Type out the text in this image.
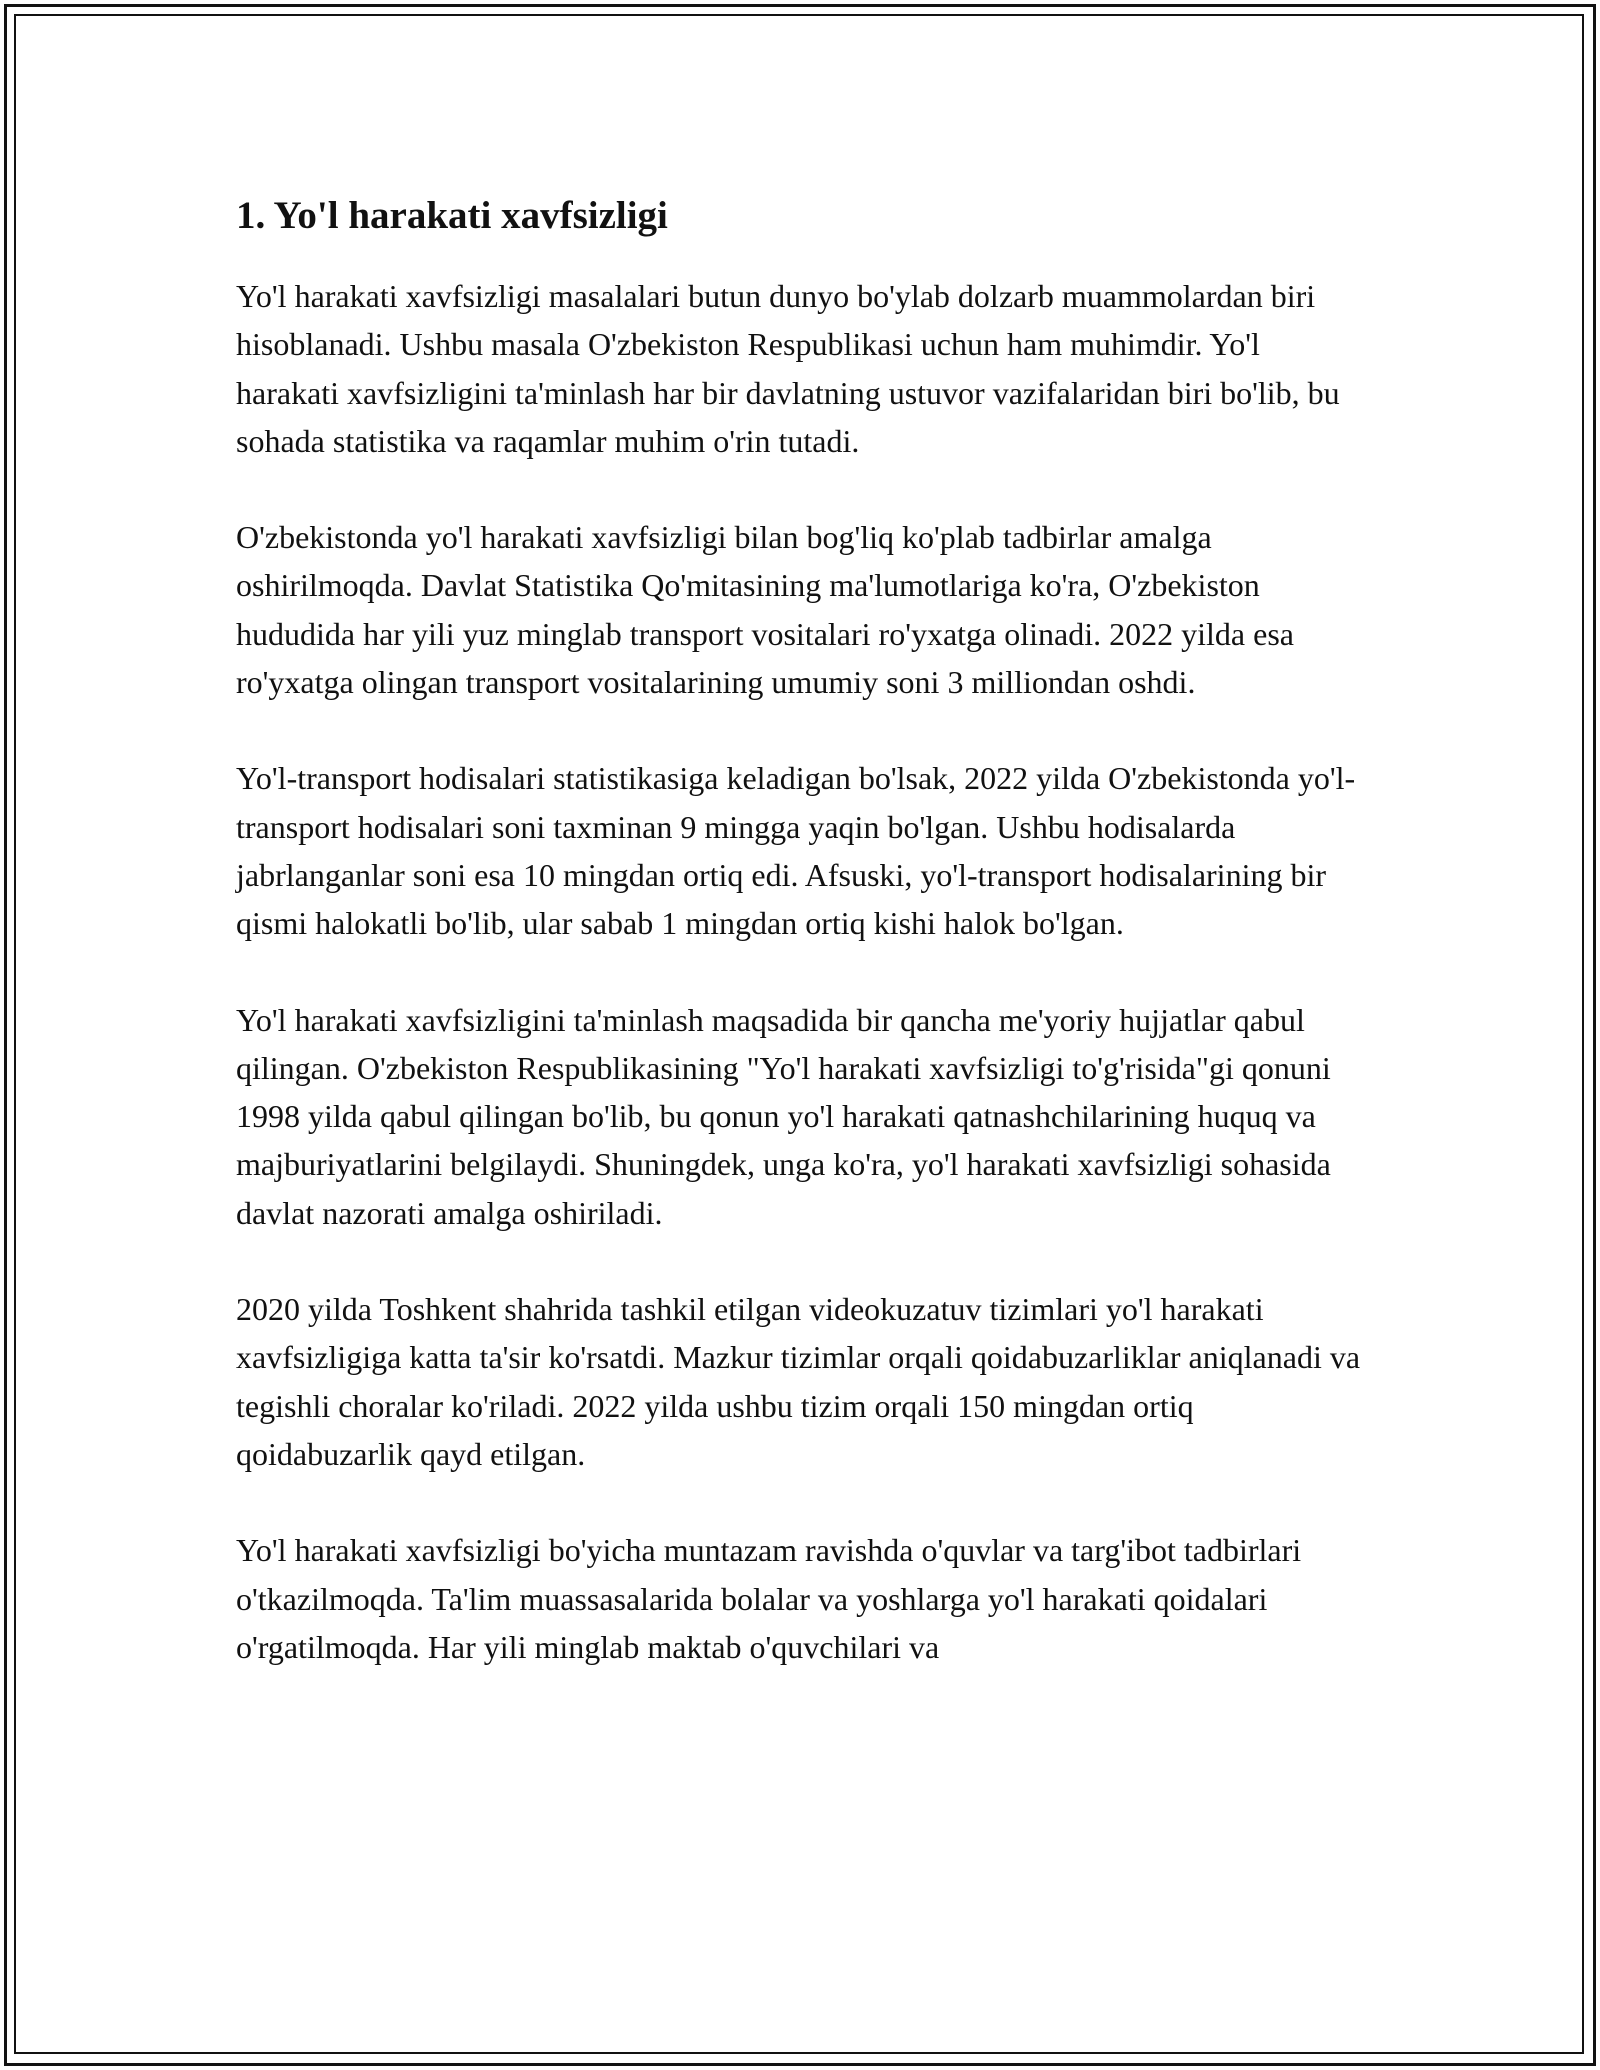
1. Yo'l harakati xavfsizligi

Yo'l harakati xavfsizligi masalalari butun dunyo bo'ylab dolzarb muammolardan biri hisoblanadi. Ushbu masala O'zbekiston Respublikasi uchun ham muhimdir. Yo'l harakati xavfsizligini ta'minlash har bir davlatning ustuvor vazifalaridan biri bo'lib, bu sohada statistika va raqamlar muhim o'rin tutadi.

O'zbekistonda yo'l harakati xavfsizligi bilan bog'liq ko'plab tadbirlar amalga oshirilmoqda. Davlat Statistika Qo'mitasining ma'lumotlariga ko'ra, O'zbekiston hududida har yili yuz minglab transport vositalari ro'yxatga olinadi. 2022 yilda esa ro'yxatga olingan transport vositalarining umumiy soni 3 milliondan oshdi.

Yo'l-transport hodisalari statistikasiga keladigan bo'lsak, 2022 yilda O'zbekistonda yo'l-transport hodisalari soni taxminan 9 mingga yaqin bo'lgan. Ushbu hodisalarda jabrlanganlar soni esa 10 mingdan ortiq edi. Afsuski, yo'l-transport hodisalarining bir qismi halokatli bo'lib, ular sabab 1 mingdan ortiq kishi halok bo'lgan.

Yo'l harakati xavfsizligini ta'minlash maqsadida bir qancha me'yoriy hujjatlar qabul qilingan. O'zbekiston Respublikasining "Yo'l harakati xavfsizligi to'g'risida"gi qonuni 1998 yilda qabul qilingan bo'lib, bu qonun yo'l harakati qatnashchilarining huquq va majburiyatlarini belgilaydi. Shuningdek, unga ko'ra, yo'l harakati xavfsizligi sohasida davlat nazorati amalga oshiriladi.

2020 yilda Toshkent shahrida tashkil etilgan videokuzatuv tizimlari yo'l harakati xavfsizligiga katta ta'sir ko'rsatdi. Mazkur tizimlar orqali qoidabuzarliklar aniqlanadi va tegishli choralar ko'riladi. 2022 yilda ushbu tizim orqali 150 mingdan ortiq qoidabuzarlik qayd etilgan.

Yo'l harakati xavfsizligi bo'yicha muntazam ravishda o'quvlar va targ'ibot tadbirlari o'tkazilmoqda. Ta'lim muassasalarida bolalar va yoshlarga yo'l harakati qoidalari o'rgatilmoqda. Har yili minglab maktab o'quvchilari va
